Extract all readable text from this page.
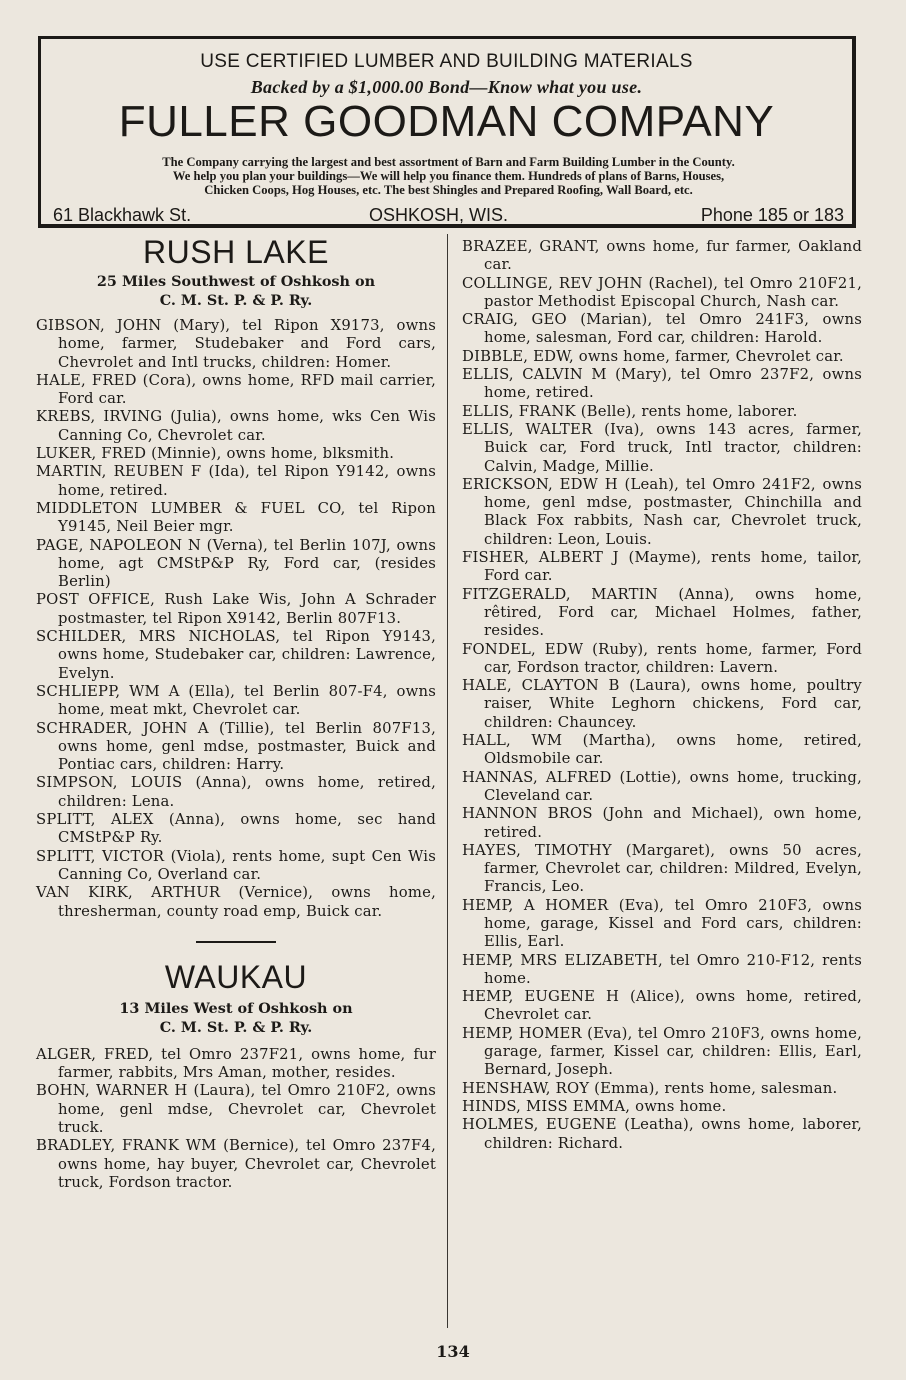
USE CERTIFIED LUMBER AND BUILDING MATERIALS
Backed by a $1,000.00 Bond—Know what you use.
FULLER GOODMAN COMPANY
The Company carrying the largest and best assortment of Barn and Farm Building Lumber in the County.
We help you plan your buildings—We will help you finance them. Hundreds of plans of Barns, Houses,
Chicken Coops, Hog Houses, etc. The best Shingles and Prepared Roofing, Wall Board, etc.
61 Blackhawk St.	OSHKOSH, WIS.	Phone 185 or 183
RUSH LAKE
25 Miles Southwest of Oshkosh on
C. M. St. P. & P. Ry.
GIBSON, JOHN (Mary), tel Ripon X9173, owns home, farmer, Studebaker and Ford cars, Chevrolet and Intl trucks, children: Homer.
HALE, FRED (Cora), owns home, RFD mail carrier, Ford car.
KREBS, IRVING (Julia), owns home, wks Cen Wis Canning Co, Chevrolet car.
LUKER, FRED (Minnie), owns home, blksmith.
MARTIN, REUBEN F (Ida), tel Ripon Y9142, owns home, retired.
MIDDLETON LUMBER & FUEL CO, tel Ripon Y9145, Neil Beier mgr.
PAGE, NAPOLEON N (Verna), tel Berlin 107J, owns home, agt CMStP&P Ry, Ford car, (resides Berlin)
POST OFFICE, Rush Lake Wis, John A Schrader postmaster, tel Ripon X9142, Berlin 807F13.
SCHILDER, MRS NICHOLAS, tel Ripon Y9143, owns home, Studebaker car, children: Lawrence, Evelyn.
SCHLIEPP, WM A (Ella), tel Berlin 807-F4, owns home, meat mkt, Chevrolet car.
SCHRADER, JOHN A (Tillie), tel Berlin 807F13, owns home, genl mdse, postmaster, Buick and Pontiac cars, children: Harry.
SIMPSON, LOUIS (Anna), owns home, retired, children: Lena.
SPLITT, ALEX (Anna), owns home, sec hand CMStP&P Ry.
SPLITT, VICTOR (Viola), rents home, supt Cen Wis Canning Co, Overland car.
VAN KIRK, ARTHUR (Vernice), owns home, thresherman, county road emp, Buick car.
WAUKAU
13 Miles West of Oshkosh on
C. M. St. P. & P. Ry.
ALGER, FRED, tel Omro 237F21, owns home, fur farmer, rabbits, Mrs Aman, mother, resides.
BOHN, WARNER H (Laura), tel Omro 210F2, owns home, genl mdse, Chevrolet car, Chevrolet truck.
BRADLEY, FRANK WM (Bernice), tel Omro 237F4, owns home, hay buyer, Chevrolet car, Chevrolet truck, Fordson tractor.
BRAZEE, GRANT, owns home, fur farmer, Oakland car.
COLLINGE, REV JOHN (Rachel), tel Omro 210F21, pastor Methodist Episcopal Church, Nash car.
CRAIG, GEO (Marian), tel Omro 241F3, owns home, salesman, Ford car, children: Harold.
DIBBLE, EDW, owns home, farmer, Chevrolet car.
ELLIS, CALVIN M (Mary), tel Omro 237F2, owns home, retired.
ELLIS, FRANK (Belle), rents home, laborer.
ELLIS, WALTER (Iva), owns 143 acres, farmer, Buick car, Ford truck, Intl tractor, children: Calvin, Madge, Millie.
ERICKSON, EDW H (Leah), tel Omro 241F2, owns home, genl mdse, postmaster, Chinchilla and Black Fox rabbits, Nash car, Chevrolet truck, children: Leon, Louis.
FISHER, ALBERT J (Mayme), rents home, tailor, Ford car.
FITZGERALD, MARTIN (Anna), owns home, rêtired, Ford car, Michael Holmes, father, resides.
FONDEL, EDW (Ruby), rents home, farmer, Ford car, Fordson tractor, children: Lavern.
HALE, CLAYTON B (Laura), owns home, poultry raiser, White Leghorn chickens, Ford car, children: Chauncey.
HALL, WM (Martha), owns home, retired, Oldsmobile car.
HANNAS, ALFRED (Lottie), owns home, trucking, Cleveland car.
HANNON BROS (John and Michael), own home, retired.
HAYES, TIMOTHY (Margaret), owns 50 acres, farmer, Chevrolet car, children: Mildred, Evelyn, Francis, Leo.
HEMP, A HOMER (Eva), tel Omro 210F3, owns home, garage, Kissel and Ford cars, children: Ellis, Earl.
HEMP, MRS ELIZABETH, tel Omro 210-F12, rents home.
HEMP, EUGENE H (Alice), owns home, retired, Chevrolet car.
HEMP, HOMER (Eva), tel Omro 210F3, owns home, garage, farmer, Kissel car, children: Ellis, Earl, Bernard, Joseph.
HENSHAW, ROY (Emma), rents home, salesman.
HINDS, MISS EMMA, owns home.
HOLMES, EUGENE (Leatha), owns home, laborer, children: Richard.
134
